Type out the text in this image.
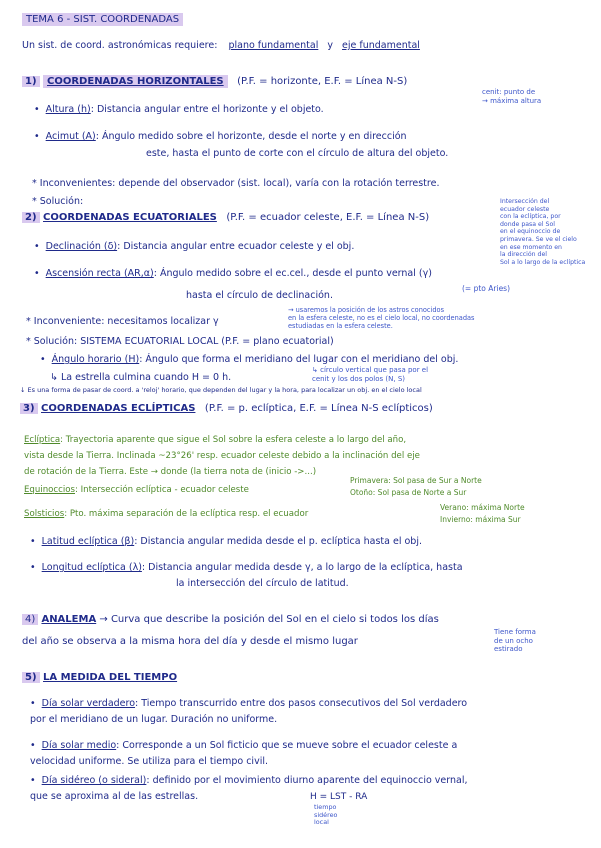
TEMA 6 - SIST. COORDENADAS
Un sist. de coord. astronómicas requiere: plano fundamental y eje fundamental
1) COORDENADAS HORIZONTALES (P.F. = horizonte, E.F. = Línea N-S)
cenit: punto de
→ máxima altura
• Altura (h): Distancia angular entre el horizonte y el objeto.
• Acimut (A): Ángulo medido sobre el horizonte, desde el norte y en dirección
este, hasta el punto de corte con el círculo de altura del objeto.
* Inconvenientes: depende del observador (sist. local), varía con la rotación terrestre.
* Solución:
2) COORDENADAS ECUATORIALES (P.F. = ecuador celeste, E.F. = Línea N-S)
Intersección del
ecuador celeste
con la eclíptica, por
donde pasa el Sol
en el equinoccio de
primavera. Se ve el cielo
en ese momento en
la dirección del
Sol a lo largo de la eclíptica
• Declinación (δ): Distancia angular entre ecuador celeste y el obj.
• Ascensión recta (AR,α): Ángulo medido sobre el ec.cel., desde el punto vernal (γ)
(= pto Aries)
hasta el círculo de declinación.
* Inconveniente: necesitamos localizar γ
→ usaremos la posición de los astros conocidos
en la esfera celeste, no es el cielo local, no coordenadas
estudiadas en la esfera celeste.
* Solución: SISTEMA ECUATORIAL LOCAL (P.F. = plano ecuatorial)
• Ángulo horario (H): Ángulo que forma el meridiano del lugar con el meridiano del obj.
↳ círculo vertical que pasa por el
cenit y los dos polos (N, S)
↳ La estrella culmina cuando H = 0 h.
↓ Es una forma de pasar de coord. a 'reloj' horario, que dependen del lugar y la hora, para localizar un obj. en el cielo local
3) COORDENADAS ECLÍPTICAS (P.F. = p. eclíptica, E.F. = Línea N-S eclípticos)
Eclíptica: Trayectoria aparente que sigue el Sol sobre la esfera celeste a lo largo del año,
vista desde la Tierra. Inclinada ~23°26' resp. ecuador celeste debido a la inclinación del eje
de rotación de la Tierra. Este → donde (la tierra nota de (inicio ->...)
Equinoccios: Intersección eclíptica - ecuador celeste
Primavera: Sol pasa de Sur a Norte
Otoño: Sol pasa de Norte a Sur
Solsticios: Pto. máxima separación de la eclíptica resp. el ecuador
Verano: máxima Norte
Invierno: máxima Sur
• Latitud eclíptica (β): Distancia angular medida desde el p. eclíptica hasta el obj.
• Longitud eclíptica (λ): Distancia angular medida desde γ, a lo largo de la eclíptica, hasta
la intersección del círculo de latitud.
4) ANALEMA → Curva que describe la posición del Sol en el cielo si todos los días
del año se observa a la misma hora del día y desde el mismo lugar
Tiene forma
de un ocho
estirado
5) LA MEDIDA DEL TIEMPO
• Día solar verdadero: Tiempo transcurrido entre dos pasos consecutivos del Sol verdadero
por el meridiano de un lugar. Duración no uniforme.
• Día solar medio: Corresponde a un Sol ficticio que se mueve sobre el ecuador celeste a
velocidad uniforme. Se utiliza para el tiempo civil.
• Día sidéreo (o sideral): definido por el movimiento diurno aparente del equinoccio vernal,
que se aproxima al de las estrellas.	H = LST - RA
tiempo
sidéreo
local
